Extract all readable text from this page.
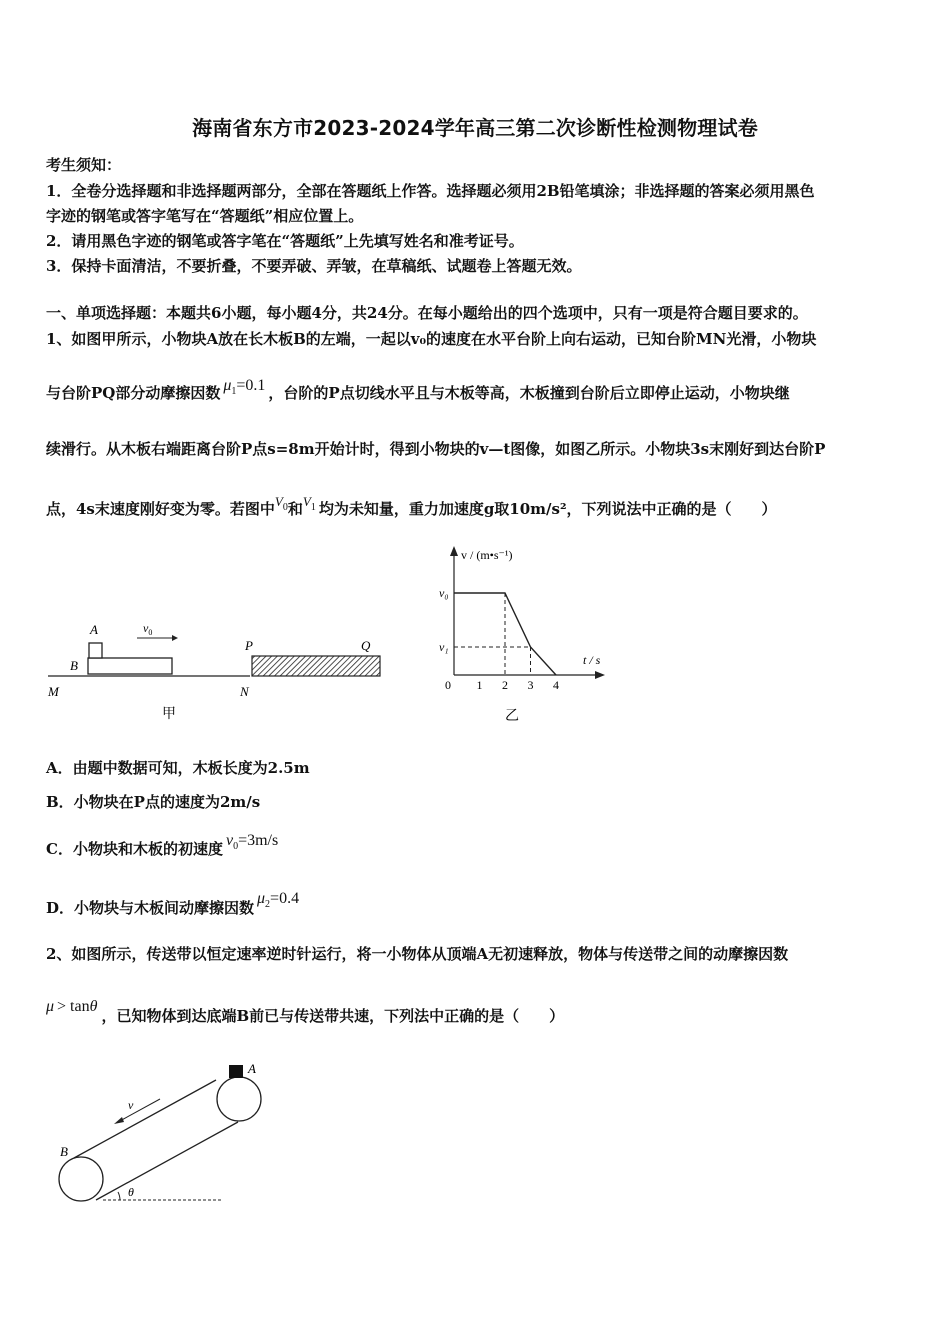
海南省东方市2023-2024学年高三第二次诊断性检测物理试卷
考生须知：
1．全卷分选择题和非选择题两部分，全部在答题纸上作答。选择题必须用2B铅笔填涂；非选择题的答案必须用黑色
字迹的钢笔或答字笔写在“答题纸”相应位置上。
2．请用黑色字迹的钢笔或答字笔在“答题纸”上先填写姓名和准考证号。
3．保持卡面清洁，不要折叠，不要弄破、弄皱，在草稿纸、试题卷上答题无效。
一、单项选择题：本题共6小题，每小题4分，共24分。在每小题给出的四个选项中，只有一项是符合题目要求的。
1、如图甲所示，小物块A放在长木板B的左端，一起以v₀的速度在水平台阶上向右运动，已知台阶MN光滑，小物块
与台阶PQ部分动摩擦因数 $\mu_1=0.1$ ，台阶的P点切线水平且与木板等高，木板撞到台阶后立即停止运动，小物块继
续滑行。从木板右端距离台阶P点s=8m开始计时，得到小物块的v—t图像，如图乙所示。小物块3s末刚好到达台阶P
点，4s末速度刚好变为零。若图中$V_0$和$V_1$ 均为未知量，重力加速度g取10m/s²，下列说法中正确的是（　　）
A
B
$v_0$
P	Q
M	N
甲
0 1 2 3 4
v₀
v₁
v / (m•s⁻¹)
t / s
乙
A．由题中数据可知，木板长度为2.5m
B．小物块在P点的速度为2m/s
C．小物块和木板的初速度 $v_0=3m/s$
D．小物块与木板间动摩擦因数$\mu_2=0.4$
2、如图所示，传送带以恒定速率逆时针运行，将一小物体从顶端A无初速释放，物体与传送带之间的动摩擦因数
μ > tanθ，已知物体到达底端B前已与传送带共速，下列法中正确的是（　　）
A
B
v
θ
